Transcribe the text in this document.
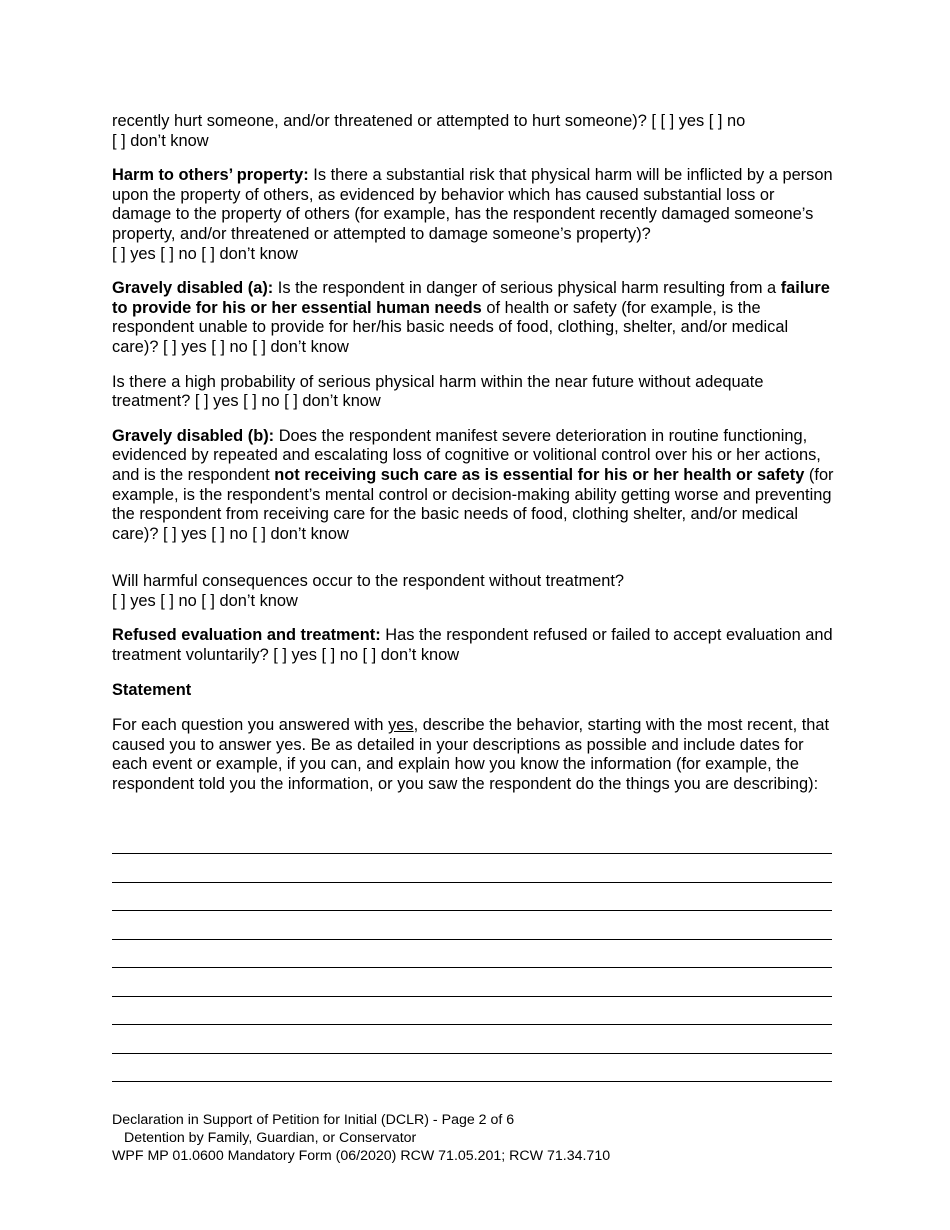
recently hurt someone, and/or threatened or attempted to hurt someone)? [ [ ] yes [ ] no
[ ] don’t know

Harm to others’ property: Is there a substantial risk that physical harm will be inflicted by a person upon the property of others, as evidenced by behavior which has caused substantial loss or damage to the property of others (for example, has the respondent recently damaged someone’s property, and/or threatened or attempted to damage someone’s property)?
[ ] yes [ ] no [ ] don’t know

Gravely disabled (a): Is the respondent in danger of serious physical harm resulting from a failure to provide for his or her essential human needs of health or safety (for example, is the respondent unable to provide for her/his basic needs of food, clothing, shelter, and/or medical care)? [ ] yes [ ] no [ ] don’t know

Is there a high probability of serious physical harm within the near future without adequate treatment? [ ] yes [ ] no [ ] don’t know

Gravely disabled (b): Does the respondent manifest severe deterioration in routine functioning, evidenced by repeated and escalating loss of cognitive or volitional control over his or her actions, and is the respondent not receiving such care as is essential for his or her health or safety (for example, is the respondent’s mental control or decision-making ability getting worse and preventing the respondent from receiving care for the basic needs of food, clothing shelter, and/or medical care)? [ ] yes [ ] no [ ] don’t know

Will harmful consequences occur to the respondent without treatment?
[ ] yes [ ] no [ ] don’t know

Refused evaluation and treatment: Has the respondent refused or failed to accept evaluation and treatment voluntarily? [ ] yes [ ] no [ ] don’t know

Statement

For each question you answered with yes, describe the behavior, starting with the most recent, that caused you to answer yes. Be as detailed in your descriptions as possible and include dates for each event or example, if you can, and explain how you know the information (for example, the respondent told you the information, or you saw the respondent do the things you are describing):

Declaration in Support of Petition for Initial (DCLR) - Page 2 of 6
Detention by Family, Guardian, or Conservator
WPF MP 01.0600 Mandatory Form (06/2020) RCW 71.05.201; RCW 71.34.710
